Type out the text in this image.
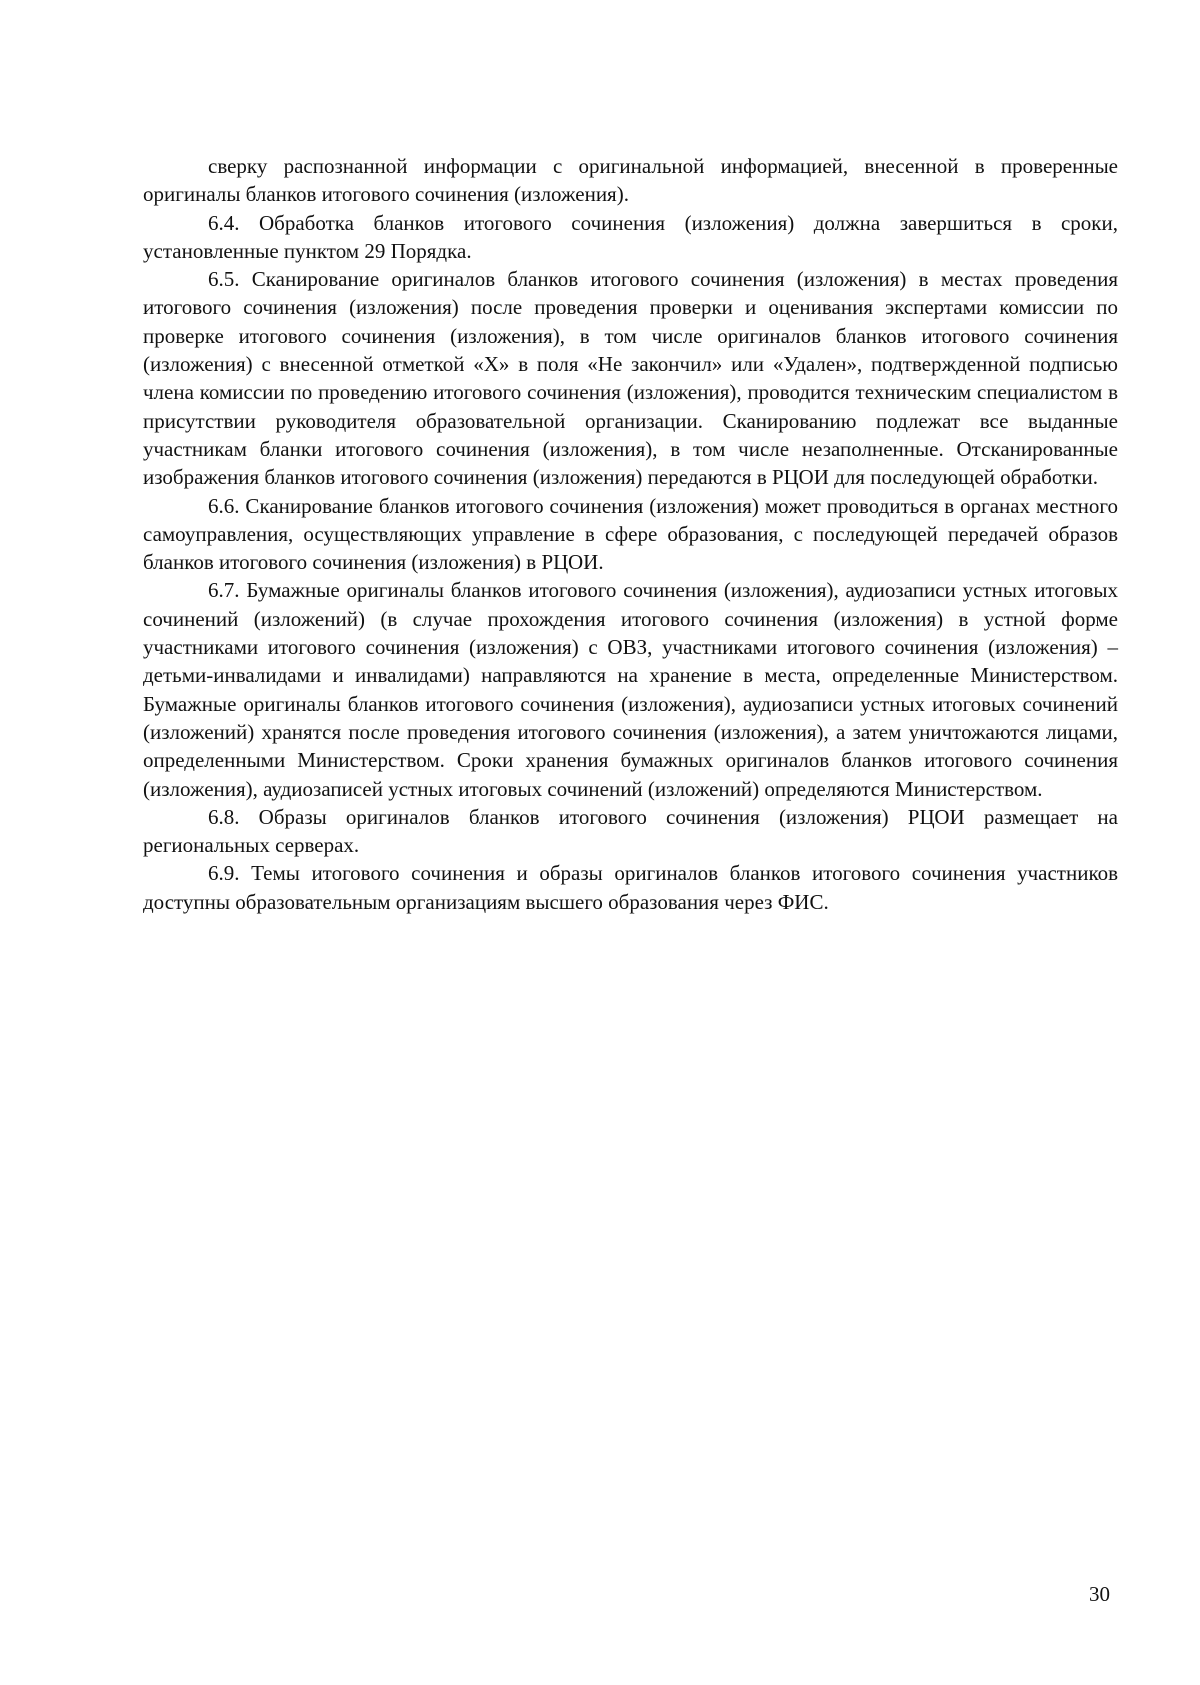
сверку распознанной информации с оригинальной информацией, внесенной в проверенные оригиналы бланков итогового сочинения (изложения).

6.4. Обработка бланков итогового сочинения (изложения) должна завершиться в сроки, установленные пунктом 29 Порядка.

6.5. Сканирование оригиналов бланков итогового сочинения (изложения) в местах проведения итогового сочинения (изложения) после проведения проверки и оценивания экспертами комиссии по проверке итогового сочинения (изложения), в том числе оригиналов бланков итогового сочинения (изложения) с внесенной отметкой «X» в поля «Не закончил» или «Удален», подтвержденной подписью члена комиссии по проведению итогового сочинения (изложения), проводится техническим специалистом в присутствии руководителя образовательной организации. Сканированию подлежат все выданные участникам бланки итогового сочинения (изложения), в том числе незаполненные. Отсканированные изображения бланков итогового сочинения (изложения) передаются в РЦОИ для последующей обработки.

6.6. Сканирование бланков итогового сочинения (изложения) может проводиться в органах местного самоуправления, осуществляющих управление в сфере образования, с последующей передачей образов бланков итогового сочинения (изложения) в РЦОИ.

6.7. Бумажные оригиналы бланков итогового сочинения (изложения), аудиозаписи устных итоговых сочинений (изложений) (в случае прохождения итогового сочинения (изложения) в устной форме участниками итогового сочинения (изложения) с ОВЗ, участниками итогового сочинения (изложения) – детьми-инвалидами и инвалидами) направляются на хранение в места, определенные Министерством. Бумажные оригиналы бланков итогового сочинения (изложения), аудиозаписи устных итоговых сочинений (изложений) хранятся после проведения итогового сочинения (изложения), а затем уничтожаются лицами, определенными Министерством. Сроки хранения бумажных оригиналов бланков итогового сочинения (изложения), аудиозаписей устных итоговых сочинений (изложений) определяются Министерством.

6.8. Образы оригиналов бланков итогового сочинения (изложения) РЦОИ размещает на региональных серверах.

6.9. Темы итогового сочинения и образы оригиналов бланков итогового сочинения участников доступны образовательным организациям высшего образования через ФИС.

30
